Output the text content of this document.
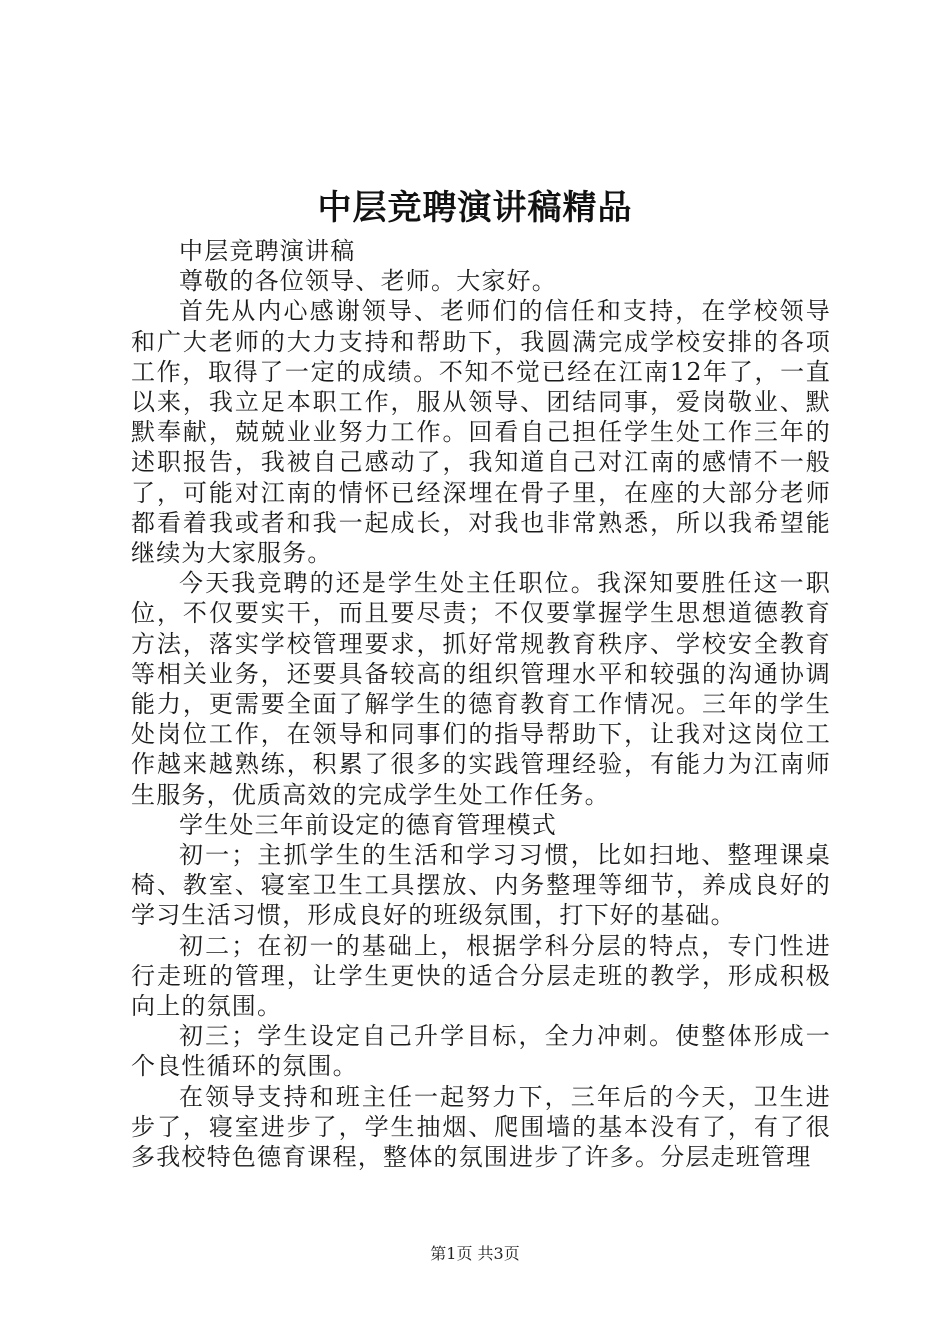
中层竞聘演讲稿精品

中层竞聘演讲稿

尊敬的各位领导、老师。大家好。

首先从内心感谢领导、老师们的信任和支持，在学校领导和广大老师的大力支持和帮助下，我圆满完成学校安排的各项工作，取得了一定的成绩。不知不觉已经在江南12年了，一直以来，我立足本职工作，服从领导、团结同事，爱岗敬业、默默奉献，兢兢业业努力工作。回看自己担任学生处工作三年的述职报告，我被自己感动了，我知道自己对江南的感情不一般了，可能对江南的情怀已经深埋在骨子里，在座的大部分老师都看着我或者和我一起成长，对我也非常熟悉，所以我希望能继续为大家服务。

今天我竞聘的还是学生处主任职位。我深知要胜任这一职位，不仅要实干，而且要尽责；不仅要掌握学生思想道德教育方法，落实学校管理要求，抓好常规教育秩序、学校安全教育等相关业务，还要具备较高的组织管理水平和较强的沟通协调能力，更需要全面了解学生的德育教育工作情况。三年的学生处岗位工作，在领导和同事们的指导帮助下，让我对这岗位工作越来越熟练，积累了很多的实践管理经验，有能力为江南师生服务，优质高效的完成学生处工作任务。

学生处三年前设定的德育管理模式

初一；主抓学生的生活和学习习惯，比如扫地、整理课桌椅、教室、寝室卫生工具摆放、内务整理等细节，养成良好的学习生活习惯，形成良好的班级氛围，打下好的基础。

初二；在初一的基础上，根据学科分层的特点，专门性进行走班的管理，让学生更快的适合分层走班的教学，形成积极向上的氛围。

初三；学生设定自己升学目标，全力冲刺。使整体形成一个良性循环的氛围。

在领导支持和班主任一起努力下，三年后的今天，卫生进步了，寝室进步了，学生抽烟、爬围墙的基本没有了，有了很多我校特色德育课程，整体的氛围进步了许多。分层走班管理

第1页 共3页
